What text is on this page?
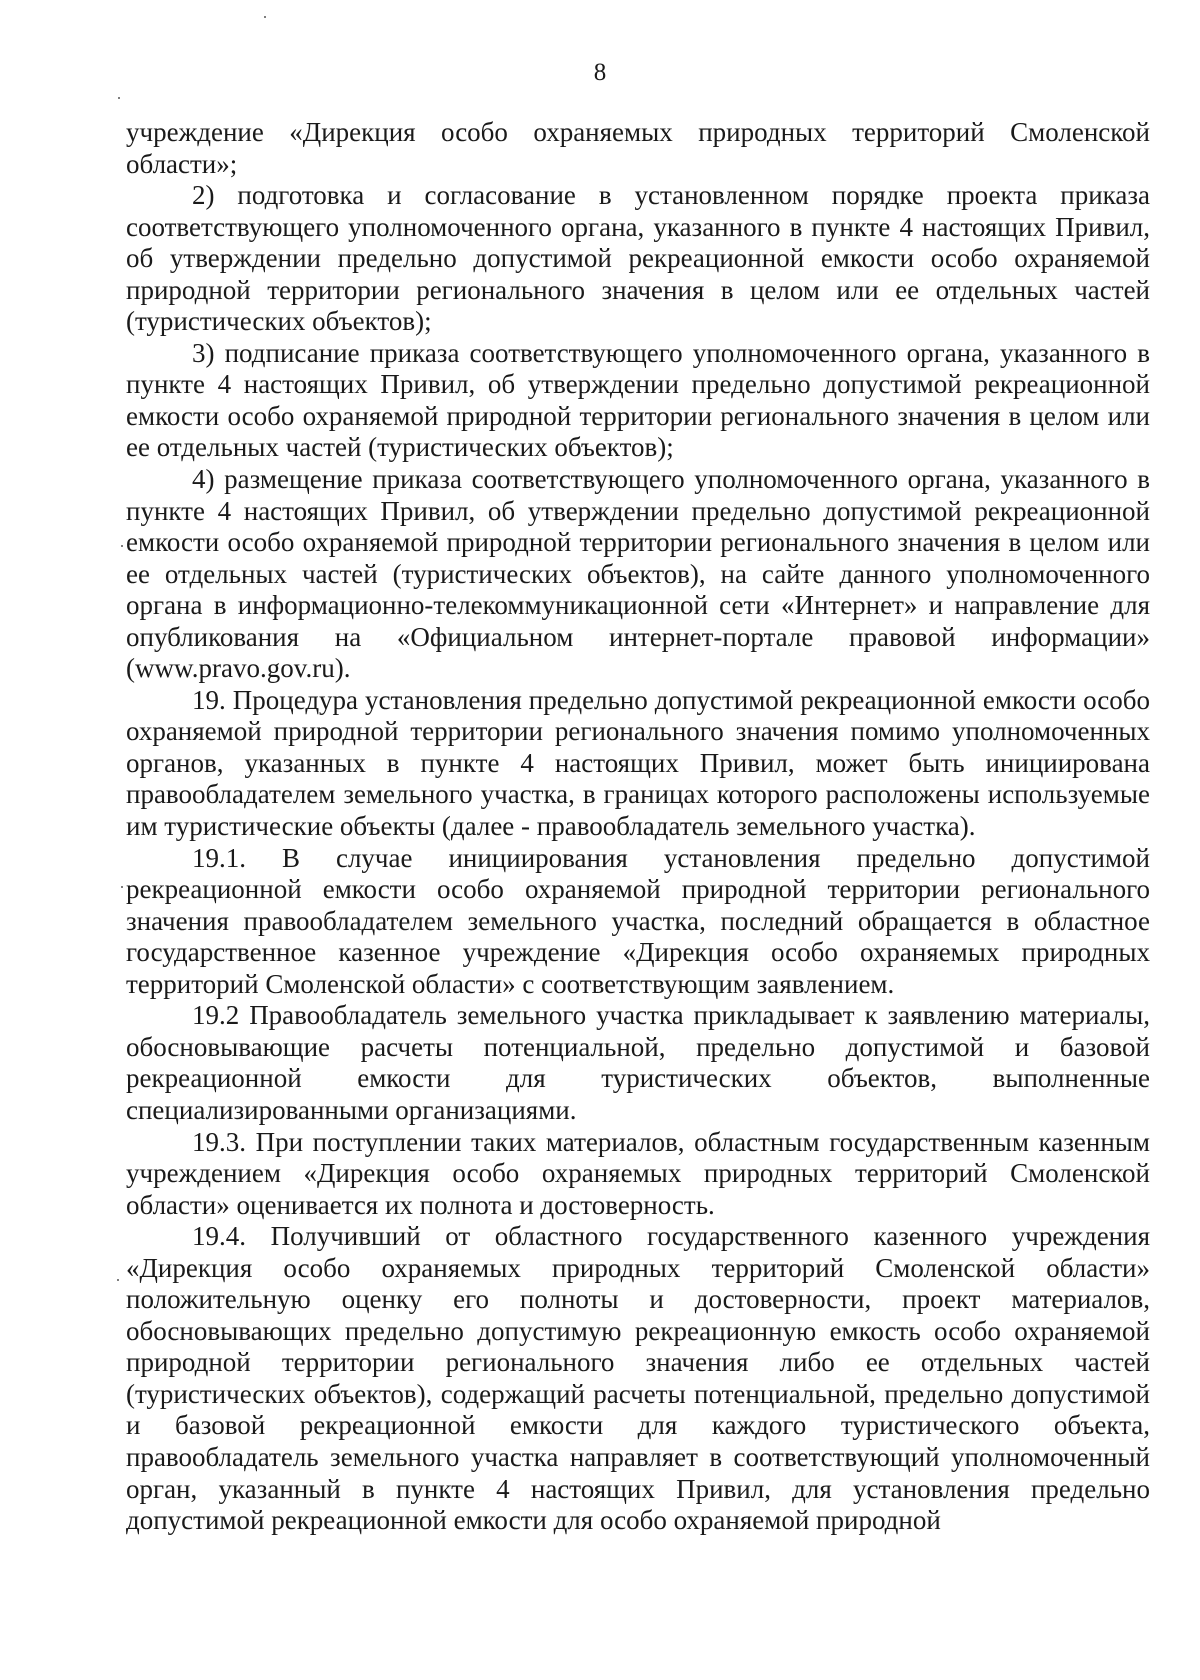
8

учреждение «Дирекция особо охраняемых природных территорий Смоленской области»;

2) подготовка и согласование в установленном порядке проекта приказа соответствующего уполномоченного органа, указанного в пункте 4 настоящих Привил, об утверждении предельно допустимой рекреационной емкости особо охраняемой природной территории регионального значения в целом или ее отдельных частей (туристических объектов);

3) подписание приказа соответствующего уполномоченного органа, указанного в пункте 4 настоящих Привил, об утверждении предельно допустимой рекреационной емкости особо охраняемой природной территории регионального значения в целом или ее отдельных частей (туристических объектов);

4) размещение приказа соответствующего уполномоченного органа, указанного в пункте 4 настоящих Привил, об утверждении предельно допустимой рекреационной емкости особо охраняемой природной территории регионального значения в целом или ее отдельных частей (туристических объектов), на сайте данного уполномоченного органа в информационно-телекоммуникационной сети «Интернет» и направление для опубликования на «Официальном интернет-портале правовой информации» (www.pravo.gov.ru).

19. Процедура установления предельно допустимой рекреационной емкости особо охраняемой природной территории регионального значения помимо уполномоченных органов, указанных в пункте 4 настоящих Привил, может быть инициирована правообладателем земельного участка, в границах которого расположены используемые им туристические объекты (далее - правообладатель земельного участка).

19.1. В случае инициирования установления предельно допустимой рекреационной емкости особо охраняемой природной территории регионального значения правообладателем земельного участка, последний обращается в областное государственное казенное учреждение «Дирекция особо охраняемых природных территорий Смоленской области» с соответствующим заявлением.

19.2 Правообладатель земельного участка прикладывает к заявлению материалы, обосновывающие расчеты потенциальной, предельно допустимой и базовой рекреационной емкости для туристических объектов, выполненные специализированными организациями.

19.3. При поступлении таких материалов, областным государственным казенным учреждением «Дирекция особо охраняемых природных территорий Смоленской области» оценивается их полнота и достоверность.

19.4. Получивший от областного государственного казенного учреждения «Дирекция особо охраняемых природных территорий Смоленской области» положительную оценку его полноты и достоверности, проект материалов, обосновывающих предельно допустимую рекреационную емкость особо охраняемой природной территории регионального значения либо ее отдельных частей (туристических объектов), содержащий расчеты потенциальной, предельно допустимой и базовой рекреационной емкости для каждого туристического объекта, правообладатель земельного участка направляет в соответствующий уполномоченный орган, указанный в пункте 4 настоящих Привил, для установления предельно допустимой рекреационной емкости для особо охраняемой природной
